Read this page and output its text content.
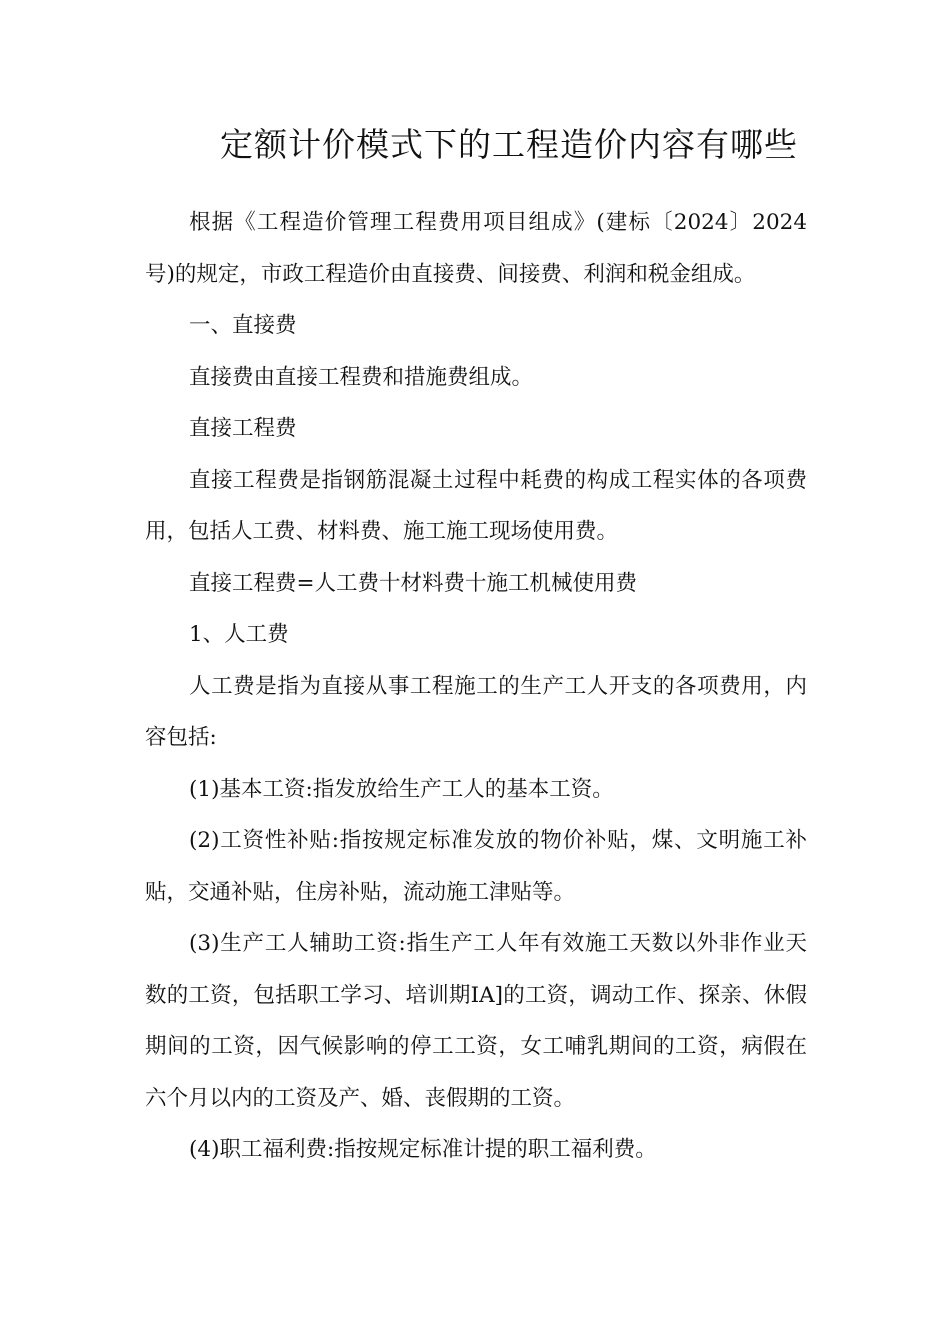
定额计价模式下的工程造价内容有哪些

根据《工程造价管理工程费用项目组成》(建标〔2024〕2024号)的规定，市政工程造价由直接费、间接费、利润和税金组成。

一、直接费

直接费由直接工程费和措施费组成。

直接工程费

直接工程费是指钢筋混凝土过程中耗费的构成工程实体的各项费用，包括人工费、材料费、施工施工现场使用费。

直接工程费=人工费十材料费十施工机械使用费

1、人工费

人工费是指为直接从事工程施工的生产工人开支的各项费用，内容包括:

(1)基本工资:指发放给生产工人的基本工资。

(2)工资性补贴:指按规定标准发放的物价补贴，煤、文明施工补贴，交通补贴，住房补贴，流动施工津贴等。

(3)生产工人辅助工资:指生产工人年有效施工天数以外非作业天数的工资，包括职工学习、培训期IA]的工资，调动工作、探亲、休假期间的工资，因气候影响的停工工资，女工哺乳期间的工资，病假在六个月以内的工资及产、婚、丧假期的工资。

(4)职工福利费:指按规定标准计提的职工福利费。
